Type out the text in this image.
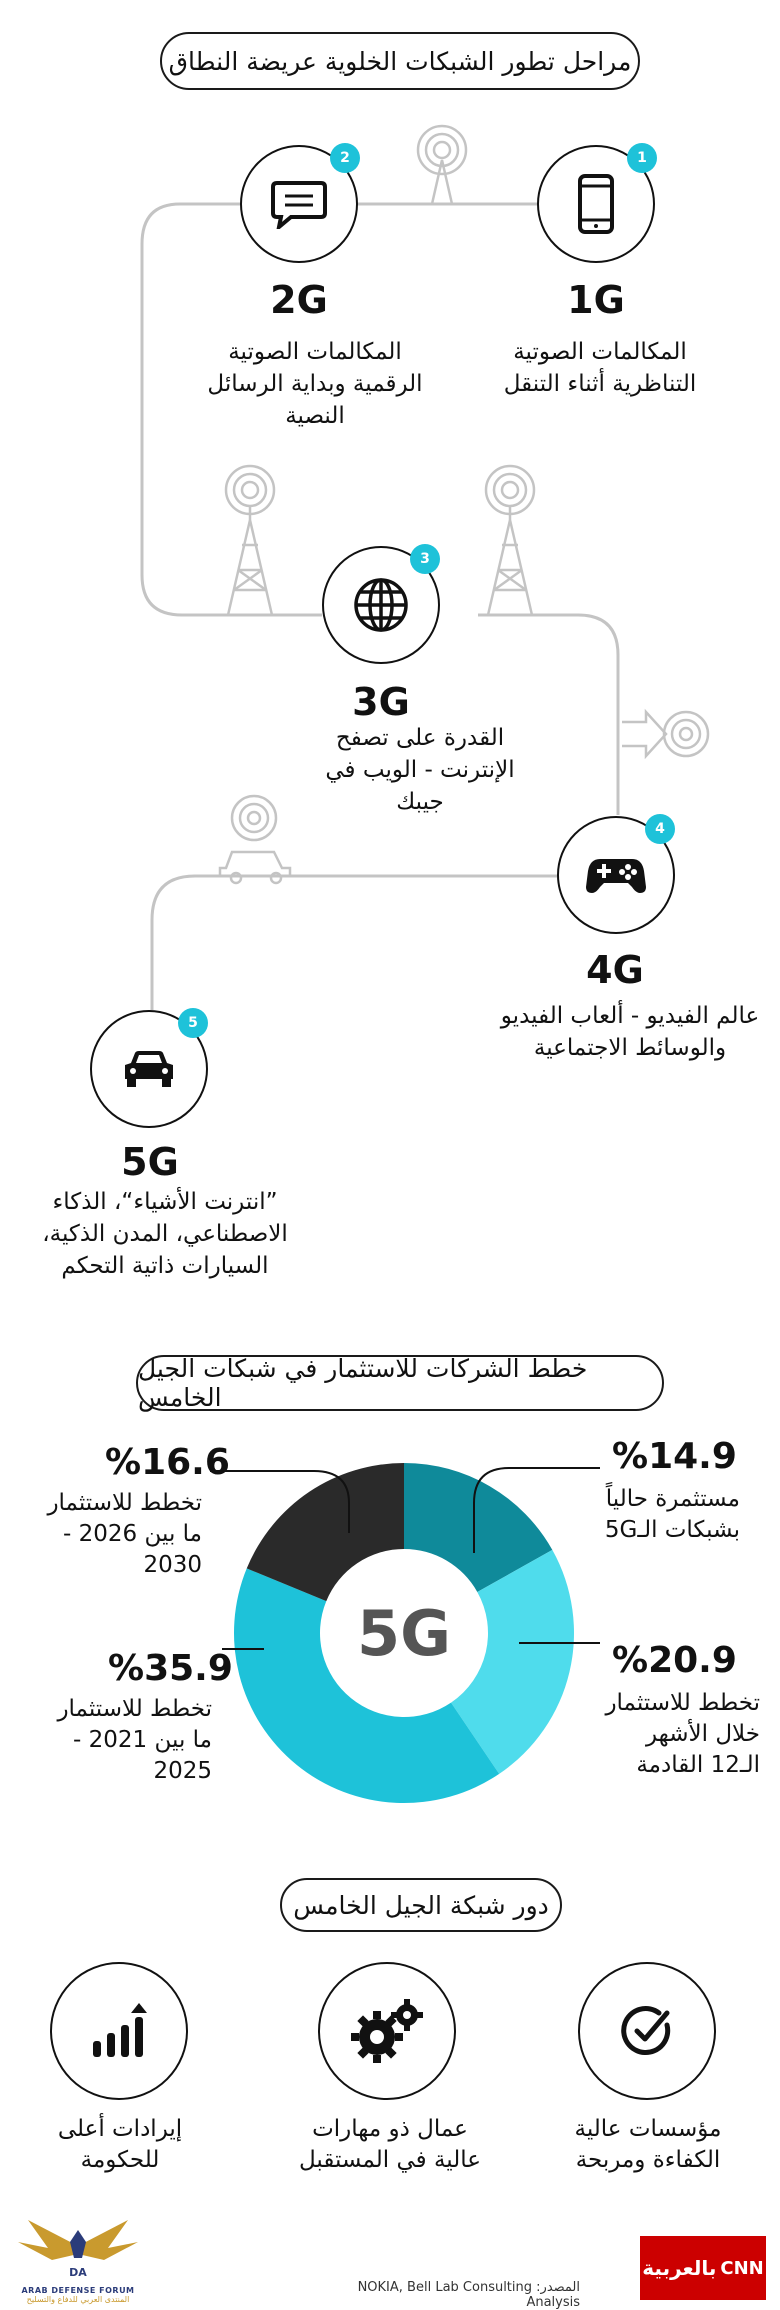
مراحل تطور الشبكات الخلوية عريضة النطاق
1
1G
المكالمات الصوتية التناظرية أثناء التنقل
2
2G
المكالمات الصوتية الرقمية وبداية الرسائل النصية
3
3G
القدرة على تصفح الإنترنت - الويب في جيبك
4
4G
عالم الفيديو - ألعاب الفيديو والوسائط الاجتماعية
5
5G
”انترنت الأشياء“، الذكاء الاصطناعي، المدن الذكية، السيارات ذاتية التحكم
خطط الشركات للاستثمار في شبكات الجيل الخامس
5G
%14.9
مستثمرة حالياً بشبكات الـ5G
%20.9
تخطط للاستثمار خلال الأشهر الـ12 القادمة
%35.9
تخطط للاستثمار ما بين 2021 - 2025
%16.6
تخطط للاستثمار ما بين 2026 - 2030
دور شبكة الجيل الخامس
مؤسسات عالية الكفاءة ومربحة
عمال ذو مهارات عالية في المستقبل
إيرادات أعلى للحكومة
DA
ARAB DEFENSE FORUM
المنتدى العربي للدفاع والتسليح
المصدر: NOKIA, Bell Lab Consulting Analysis
بالعربية CNN
